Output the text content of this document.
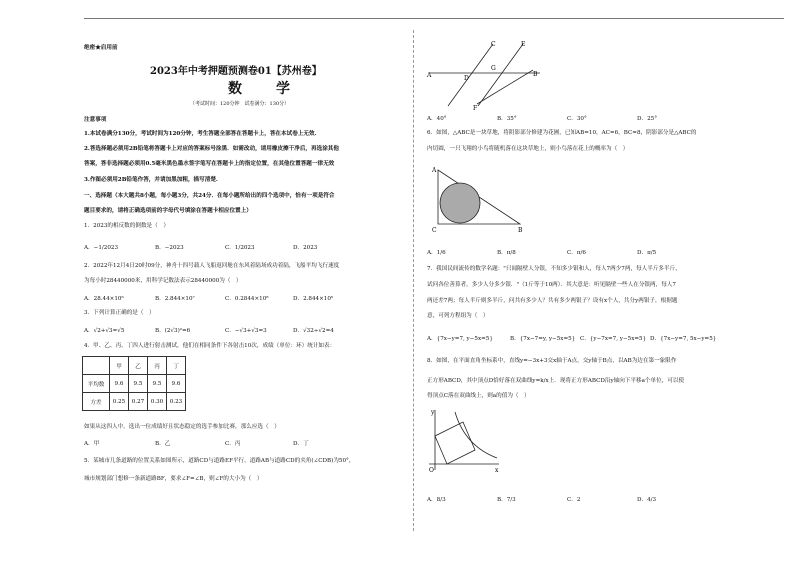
绝密★启用前
2023年中考押题预测卷01【苏州卷】
数　学
（考试时间：120分钟　试卷满分：130分）
注意事项
1.本试卷满分130分，考试时间为120分钟，考生答题全部答在答题卡上，答在本试卷上无效.
2.答选择题必须用2B铅笔将答题卡上对应的答案标号涂黑．如需改动，请用橡皮擦干净后，再选涂其他
答案，答非选择题必须用0.5毫米黑色墨水签字笔写在答题卡上的指定位置，在其他位置答题一律无效
3.作图必须用2B铅笔作答，并请加黑加粗，描写清楚.
一、选择题（本大题共8小题，每小题3分，共24分．在每小题所给出的四个选项中，恰有一项是符合
题目要求的，请将正确选项前的字母代号填涂在答题卡相应位置上）
1．2023的相反数的倒数是（　）
A．−1/2023	B．−2023	C．1/2023	D．2023
2．2022年12月4日20时09分，神舟十四号载人飞船返回舱在东风着陆场成功着陆，飞船平均飞行速度
为每小时28440000米，用科学记数法表示28440000为（　）
A．28.44×10⁶	B．2.844×10⁷	C．0.2844×10⁸	D．2.844×10⁵
3．下列计算正确的是（　）
A．√2+√3=√5	B．(2√3)²=6	C．−√3+√3=3	D．√32÷√2=4
4．甲、乙、丙、丁四人进行射击测试，他们在相同条件下各射击10次，成绩（单位：环）统计如表：
	甲	乙	丙	丁
平均数	9.6	9.5	9.5	9.6
方差	0.25	0.27	0.30	0.23
如果从这四人中，选出一位成绩好且状态稳定的选手参加比赛，那么应选（　）
A．甲	B．乙	C．丙	D．丁
5．某城市几条道路的位置关系如图所示，道路CD与道路EF平行，道路AB与道路CD的夹角(∠CDB)为50°，
城市规划部门想修一条新道路BF，要求∠F=∠B，则∠F的大小为（　）
C	E
A	D
G
B
F
A．40°	B．35°	C．30°	D．25°
6．如图，△ABC是一块草地，将阴影部分修建为花圃，已知AB=10，AC=6，BC=8，阴影部分是△ABC的
内切圆，一只飞翔的小鸟将随机落在这块草地上，则小鸟落在花上的概率为（　）
A
C	B
A．1/6	B．π/8	C．π/6	D．π/5
7．我国民间流传的数学名题："只闻隔壁人分银，不知多少银和人，每人7两少7两，每人半斤多半斤，
试问各位善算者，多少人分多少银．"（1斤等于10两）．其大意是：听见隔壁一些人在分银两，每人7
两还差7两；每人半斤则多半斤，问共有多少人？共有多少两银子？设有x个人，共分y两银子，根据题
意，可列方程组为（　）
A．{7x−y=7, y−5x=5}	B．{7x−7=y, y−5x=5} C．{y−7x=7, y−5x=5} D．{7x−y=7, 5x−y=5}
8．如图，在平面直角坐标系中，直线y=−3x+3交x轴于A点，交y轴于B点，以AB为边在第一象限作
正方形ABCD，其中顶点D恰好落在双曲线y=k/x上．现将正方形ABCD沿y轴向下平移a个单位，可以使
得顶点C落在双曲线上，则a的值为（　）
y
x
O
A．8/3	B．7/3	C．2	D．4/3
